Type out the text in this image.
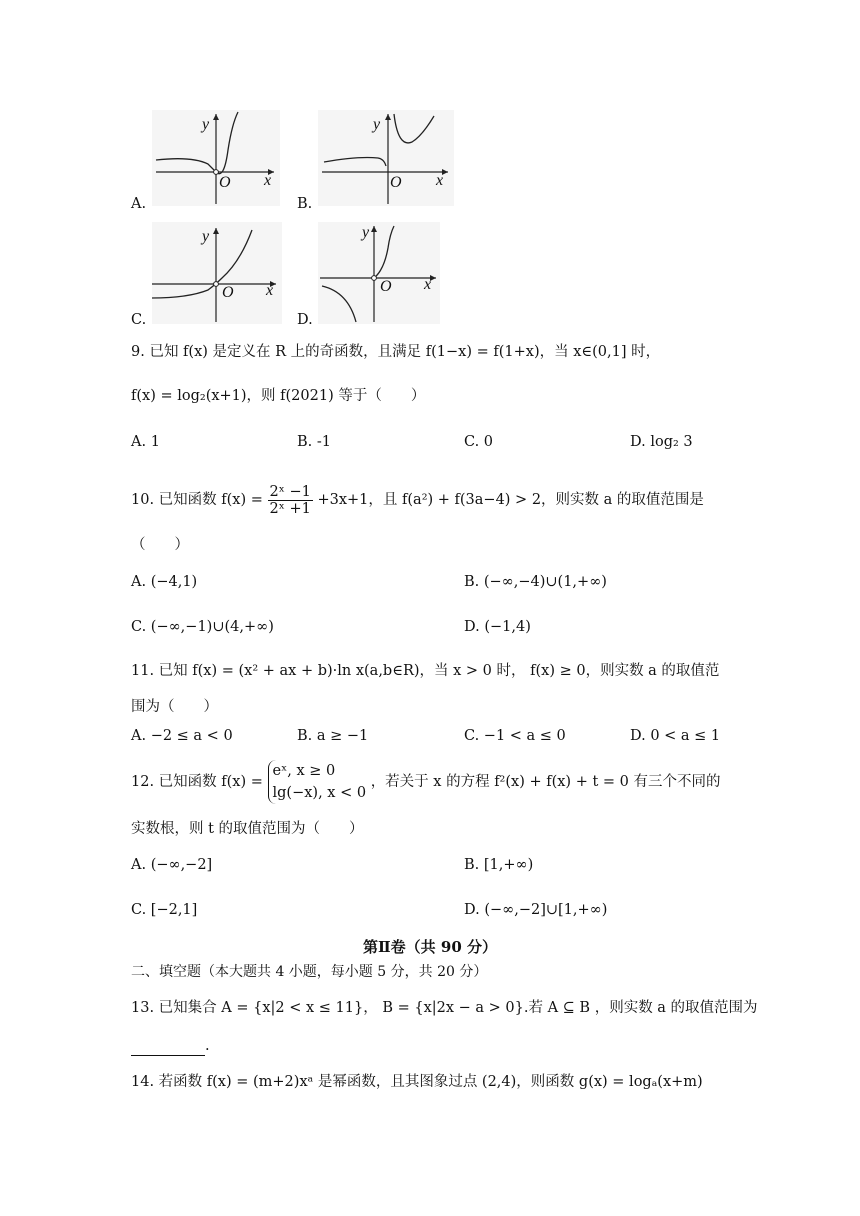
y
O x
A.
y
O x
B.
y
O x
C.
y
O x
D.
9. 已知 f(x) 是定义在 R 上的奇函数，且满足 f(1−x) = f(1+x)，当 x∈(0,1] 时，
f(x) = log₂(x+1)，则 f(2021) 等于（　　）
A. 1	B. -1	C. 0	D. log₂ 3
10. 已知函数 $f(x) = \frac{\text{2ˣ −1}}{\text{2ˣ +1}} +3x+1$，且 f(a²) + f(3a−4) > 2，则实数 a 的取值范围是
（　　）
A. (−4,1)	B. (−∞,−4)∪(1,+∞)
C. (−∞,−1)∪(4,+∞)	D. (−1,4)
11. 已知 f(x) = (x² + ax + b)·ln x(a,b∈R)，当 x > 0 时， f(x) ≥ 0，则实数 a 的取值范
围为（　　）
A. −2 ≤ a < 0	B. a ≥ −1	C. −1 < a ≤ 0	D. 0 < a ≤ 1
12. 已知函数 f(x) =
eˣ, x ≥ 0
lg(−x), x < 0
，若关于 x 的方程 f²(x) + f(x) + t = 0 有三个不同的
实数根，则 t 的取值范围为（　　）
A. (−∞,−2]	B. [1,+∞)
C. [−2,1]	D. (−∞,−2]∪[1,+∞)
第Ⅱ卷（共 90 分）
二、填空题（本大题共 4 小题，每小题 5 分，共 20 分）
13. 已知集合 A = {x|2 < x ≤ 11}， B = {x|2x − a > 0}.若 A ⊆ B ，则实数 a 的取值范围为
.
14. 若函数 f(x) = (m+2)xᵃ 是幂函数，且其图象过点 (2,4)，则函数 g(x) = logₐ(x+m)
